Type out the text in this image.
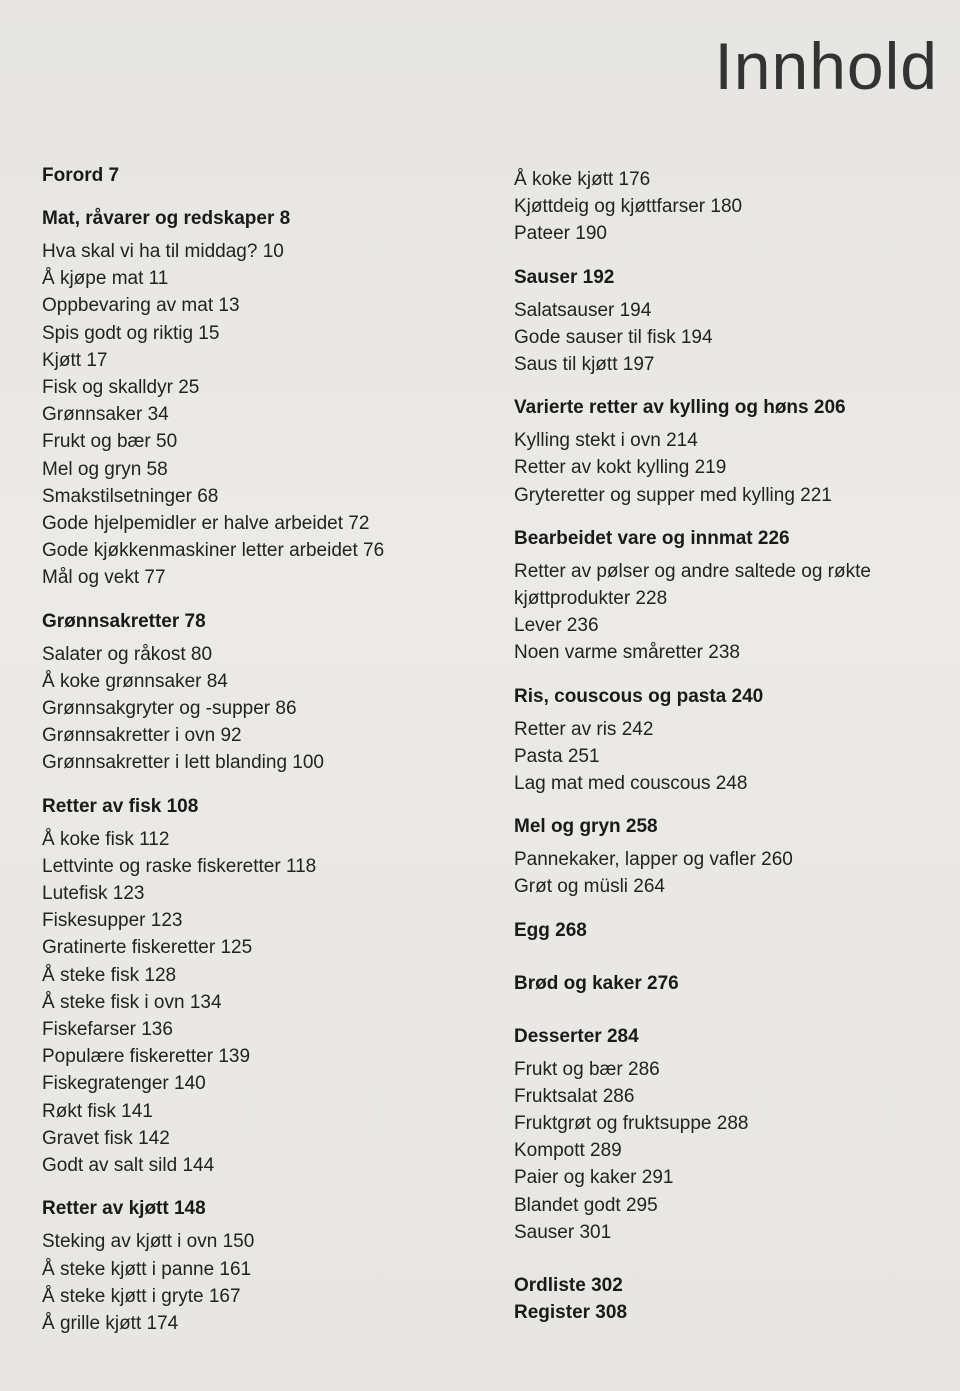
Innhold
Forord 7
Mat, råvarer og redskaper 8
Hva skal vi ha til middag? 10
Å kjøpe mat 11
Oppbevaring av mat 13
Spis godt og riktig 15
Kjøtt 17
Fisk og skalldyr 25
Grønnsaker 34
Frukt og bær 50
Mel og gryn 58
Smakstilsetninger 68
Gode hjelpemidler er halve arbeidet 72
Gode kjøkkenmaskiner letter arbeidet 76
Mål og vekt 77
Grønnsakretter 78
Salater og råkost 80
Å koke grønnsaker 84
Grønnsakgryter og -supper 86
Grønnsakretter i ovn 92
Grønnsakretter i lett blanding 100
Retter av fisk 108
Å koke fisk 112
Lettvinte og raske fiskeretter 118
Lutefisk 123
Fiskesupper 123
Gratinerte fiskeretter 125
Å steke fisk 128
Å steke fisk i ovn 134
Fiskefarser 136
Populære fiskeretter 139
Fiskegratenger 140
Røkt fisk 141
Gravet fisk 142
Godt av salt sild 144
Retter av kjøtt 148
Steking av kjøtt i ovn 150
Å steke kjøtt i panne 161
Å steke kjøtt i gryte 167
Å grille kjøtt 174
Å koke kjøtt 176
Kjøttdeig og kjøttfarser 180
Pateer 190
Sauser 192
Salatsauser 194
Gode sauser til fisk 194
Saus til kjøtt 197
Varierte retter av kylling og høns 206
Kylling stekt i ovn 214
Retter av kokt kylling 219
Gryteretter og supper med kylling 221
Bearbeidet vare og innmat 226
Retter av pølser og andre saltede og røkte kjøttprodukter 228
Lever 236
Noen varme småretter 238
Ris, couscous og pasta 240
Retter av ris 242
Pasta 251
Lag mat med couscous 248
Mel og gryn 258
Pannekaker, lapper og vafler 260
Grøt og müsli 264
Egg 268
Brød og kaker 276
Desserter 284
Frukt og bær 286
Fruktsalat 286
Fruktgrøt og fruktsuppe 288
Kompott 289
Paier og kaker 291
Blandet godt 295
Sauser 301
Ordliste 302
Register 308
